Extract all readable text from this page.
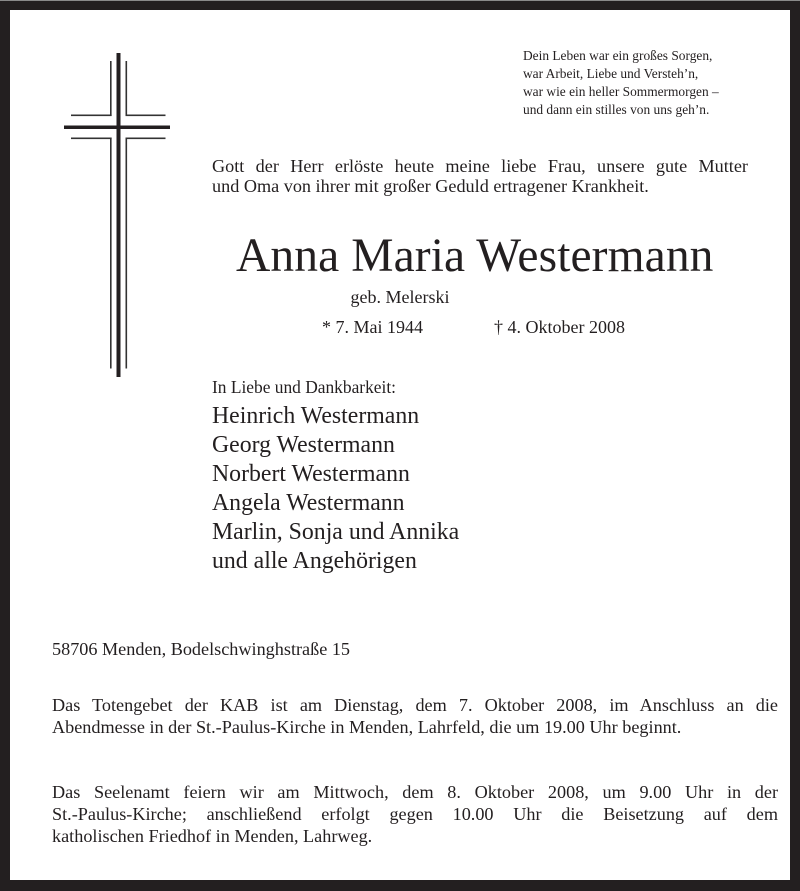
Dein Leben war ein großes Sorgen,
war Arbeit, Liebe und Versteh’n,
war wie ein heller Sommermorgen –
und dann ein stilles von uns geh’n.
Gott der Herr erlöste heute meine liebe Frau, unsere gute Mutter
und Oma von ihrer mit großer Geduld ertragener Krankheit.
Anna Maria Westermann
geb. Melerski
* 7. Mai 1944	† 4. Oktober 2008
In Liebe und Dankbarkeit:
Heinrich Westermann
Georg Westermann
Norbert Westermann
Angela Westermann
Marlin, Sonja und Annika
und alle Angehörigen
58706 Menden, Bodelschwinghstraße 15
Das Totengebet der KAB ist am Dienstag, dem 7. Oktober 2008, im Anschluss an die
Abendmesse in der St.-Paulus-Kirche in Menden, Lahrfeld, die um 19.00 Uhr beginnt.
Das Seelenamt feiern wir am Mittwoch, dem 8. Oktober 2008, um 9.00 Uhr in der
St.-Paulus-Kirche; anschließend erfolgt gegen 10.00 Uhr die Beisetzung auf dem
katholischen Friedhof in Menden, Lahrweg.
